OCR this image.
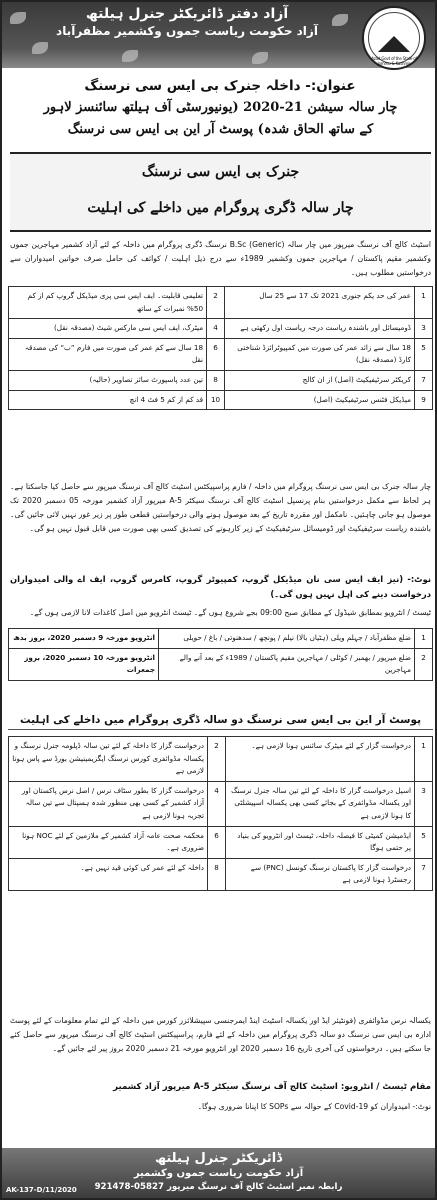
آزاد دفتر ڈائریکٹر جنرل ہیلتھ
آزاد حکومت ریاست جموں وکشمیر مظفرآباد
Azad Govt of the State of Jammu & Kashmir
عنوان:- داخلہ جنرک بی ایس سی نرسنگ
چار سالہ سیشن 21-2020 (یونیورسٹی آف ہیلتھ سائنسز لاہور
کے ساتھ الحاق شدہ) پوسٹ آر این بی ایس سی نرسنگ
جنرک بی ایس سی نرسنگ
چار سالہ ڈگری پروگرام میں داخلے کی اہلیت
اسٹیٹ کالج آف نرسنگ میرپور میں چار سالہ B.Sc (Generic) نرسنگ ڈگری پروگرام میں داخلہ کے لئے آزاد کشمیر مہاجرین جموں وکشمیر مقیم پاکستان / مہاجرین جموں وکشمیر 1989ء سے درج ذیل اہلیت / کوائف کی حامل صرف خواتین امیدواران سے درخواستیں مطلوب ہیں۔
1	عمر کی حد یکم جنوری 2021 تک 17 سے 25 سال	2	تعلیمی قابلیت۔ ایف ایس سی پری میڈیکل گروپ کم از کم 50% نمبرات کے ساتھ
3	ڈومیسائل اور باشندہ ریاست درجہ ریاست اول رکھتی ہے	4	میٹرک، ایف ایس سی مارکس شیٹ (مصدقہ نقل)
5	18 سال سے زائد عمر کی صورت میں کمپیوٹرائزڈ شناختی کارڈ (مصدقہ نقل)	6	18 سال سے کم عمر کی صورت میں فارم ”ب“ کی مصدقہ نقل
7	کریکٹر سرٹیفیکیٹ (اصل) از ان کالج	8	تین عدد پاسپورٹ سائز تصاویر (حالیہ)
9	میڈیکل فٹنس سرٹیفیکیٹ (اصل)	10	قد کم از کم 5 فٹ 4 انچ
چار سالہ جنرک بی ایس سی نرسنگ پروگرام میں داخلہ / فارم پراسپیکٹس اسٹیٹ کالج آف نرسنگ میرپور سے حاصل کیا جاسکتا ہے۔ ہر لحاظ سے مکمل درخواستیں بنام پرنسپل اسٹیٹ کالج آف نرسنگ سیکٹر A-5 میرپور آزاد کشمیر مورخہ 05 دسمبر 2020 تک موصول ہو جانی چاہئیں۔ نامکمل اور مقررہ تاریخ کے بعد موصول ہونے والی درخواستیں قطعی طور پر زیر غور نہیں لائی جائیں گی۔ باشندہ ریاست سرٹیفیکیٹ اور ڈومیسائل سرٹیفیکیٹ کے زیر کارہونے کی تصدیق کسی بھی صورت میں قابل قبول نہیں ہو گی۔
نوٹ:- (نیز ایف ایس سی نان میڈیکل گروپ، کمپیوٹر گروپ، کامرس گروپ، ایف اے والی امیدواران درخواست دینے کی اہل نہیں ہوں گی۔)
ٹیسٹ / انٹرویو بمطابق شیڈول کے مطابق صبح 09:00 بجے شروع ہوں گے۔ ٹیسٹ انٹرویو میں اصل کاغذات لانا لازمی ہوں گے۔
1	ضلع مظفرآباد / جہلم ویلی (ہٹیاں بالا) نیلم / پونچھ / سدھنوتی / باغ / حویلی	انٹرویو مورخہ 9 دسمبر 2020، بروز بدھ
2	ضلع میرپور / بھمبر / کوٹلی / مہاجرین مقیم پاکستان / 1989ء کے بعد آنے والے مہاجرین	انٹرویو مورخہ 10 دسمبر 2020، بروز جمعرات
پوسٹ آر این بی ایس سی نرسنگ دو سالہ ڈگری پروگرام میں داخلے کی اہلیت
1	درخواست گزار کے لئے میٹرک سائنس ہونا لازمی ہے۔	2	درخواست گزار کا داخلہ کے لئے تین سالہ ڈپلومہ جنرل نرسنگ و یکسالہ مڈوائفری کورس نرسنگ ایگزیمینیشن بورڈ سے پاس ہونا لازمی ہے
3	اسیل درخواست گزار کا داخلہ کے لئے تین سالہ جنرل نرسنگ اور یکسالہ مڈوائفری کے بجائے کسی بھی یکسالہ اسپیشلٹی کا ہونا لازمی ہے	4	درخواست گزار کا بطور سٹاف نرس / اصل نرس پاکستان اور آزاد کشمیر کے کسی بھی منظور شدہ ہسپتال سے تین سالہ تجربہ ہونا لازمی ہے
5	ایڈمیشن کمیٹی کا فیصلہ داخلہ، ٹیسٹ اور انٹرویو کی بنیاد پر حتمی ہوگا	6	محکمہ صحت عامہ آزاد کشمیر کے ملازمین کے لئے NOC ہونا ضروری ہے۔
7	درخواست گزار کا پاکستان نرسنگ کونسل (PNC) سے رجسٹرڈ ہونا لازمی ہے	8	داخلہ کے لئے عمر کی کوئی قید نہیں ہے۔
یکسالہ نرس مڈوائفری (فونٹیئر ایڈ اور یکسالہ اسٹیٹ اینڈ ایمرجنسی سپیشلائزر کورس میں داخلہ کے لئے تمام معلومات کے لئے پوسٹ ادارہ بی ایس سی نرسنگ دو سالہ ڈگری پروگرام میں داخلہ کے لئے فارم، پراسپیکٹس اسٹیٹ کالج آف نرسنگ میرپور سے حاصل کئے جا سکتے ہیں۔ درخواستوں کی آخری تاریخ 16 دسمبر 2020 اور انٹرویو مورخہ 21 دسمبر 2020 بروز پیر لئے جائیں گے۔
مقام ٹیسٹ / انٹرویو: اسٹیٹ کالج آف نرسنگ سیکٹر A-5 میرپور آزاد کشمیر
نوٹ:- امیدواران کو Covid-19 کے حوالہ سے SOPs کا اپنانا ضروری ہوگا۔
ڈائریکٹر جنرل ہیلتھ
آزاد حکومت ریاست جموں وکشمیر
رابطہ نمبر اسٹیٹ کالج آف نرسنگ میرپور 05827-921478
AK-137-D/11/2020
